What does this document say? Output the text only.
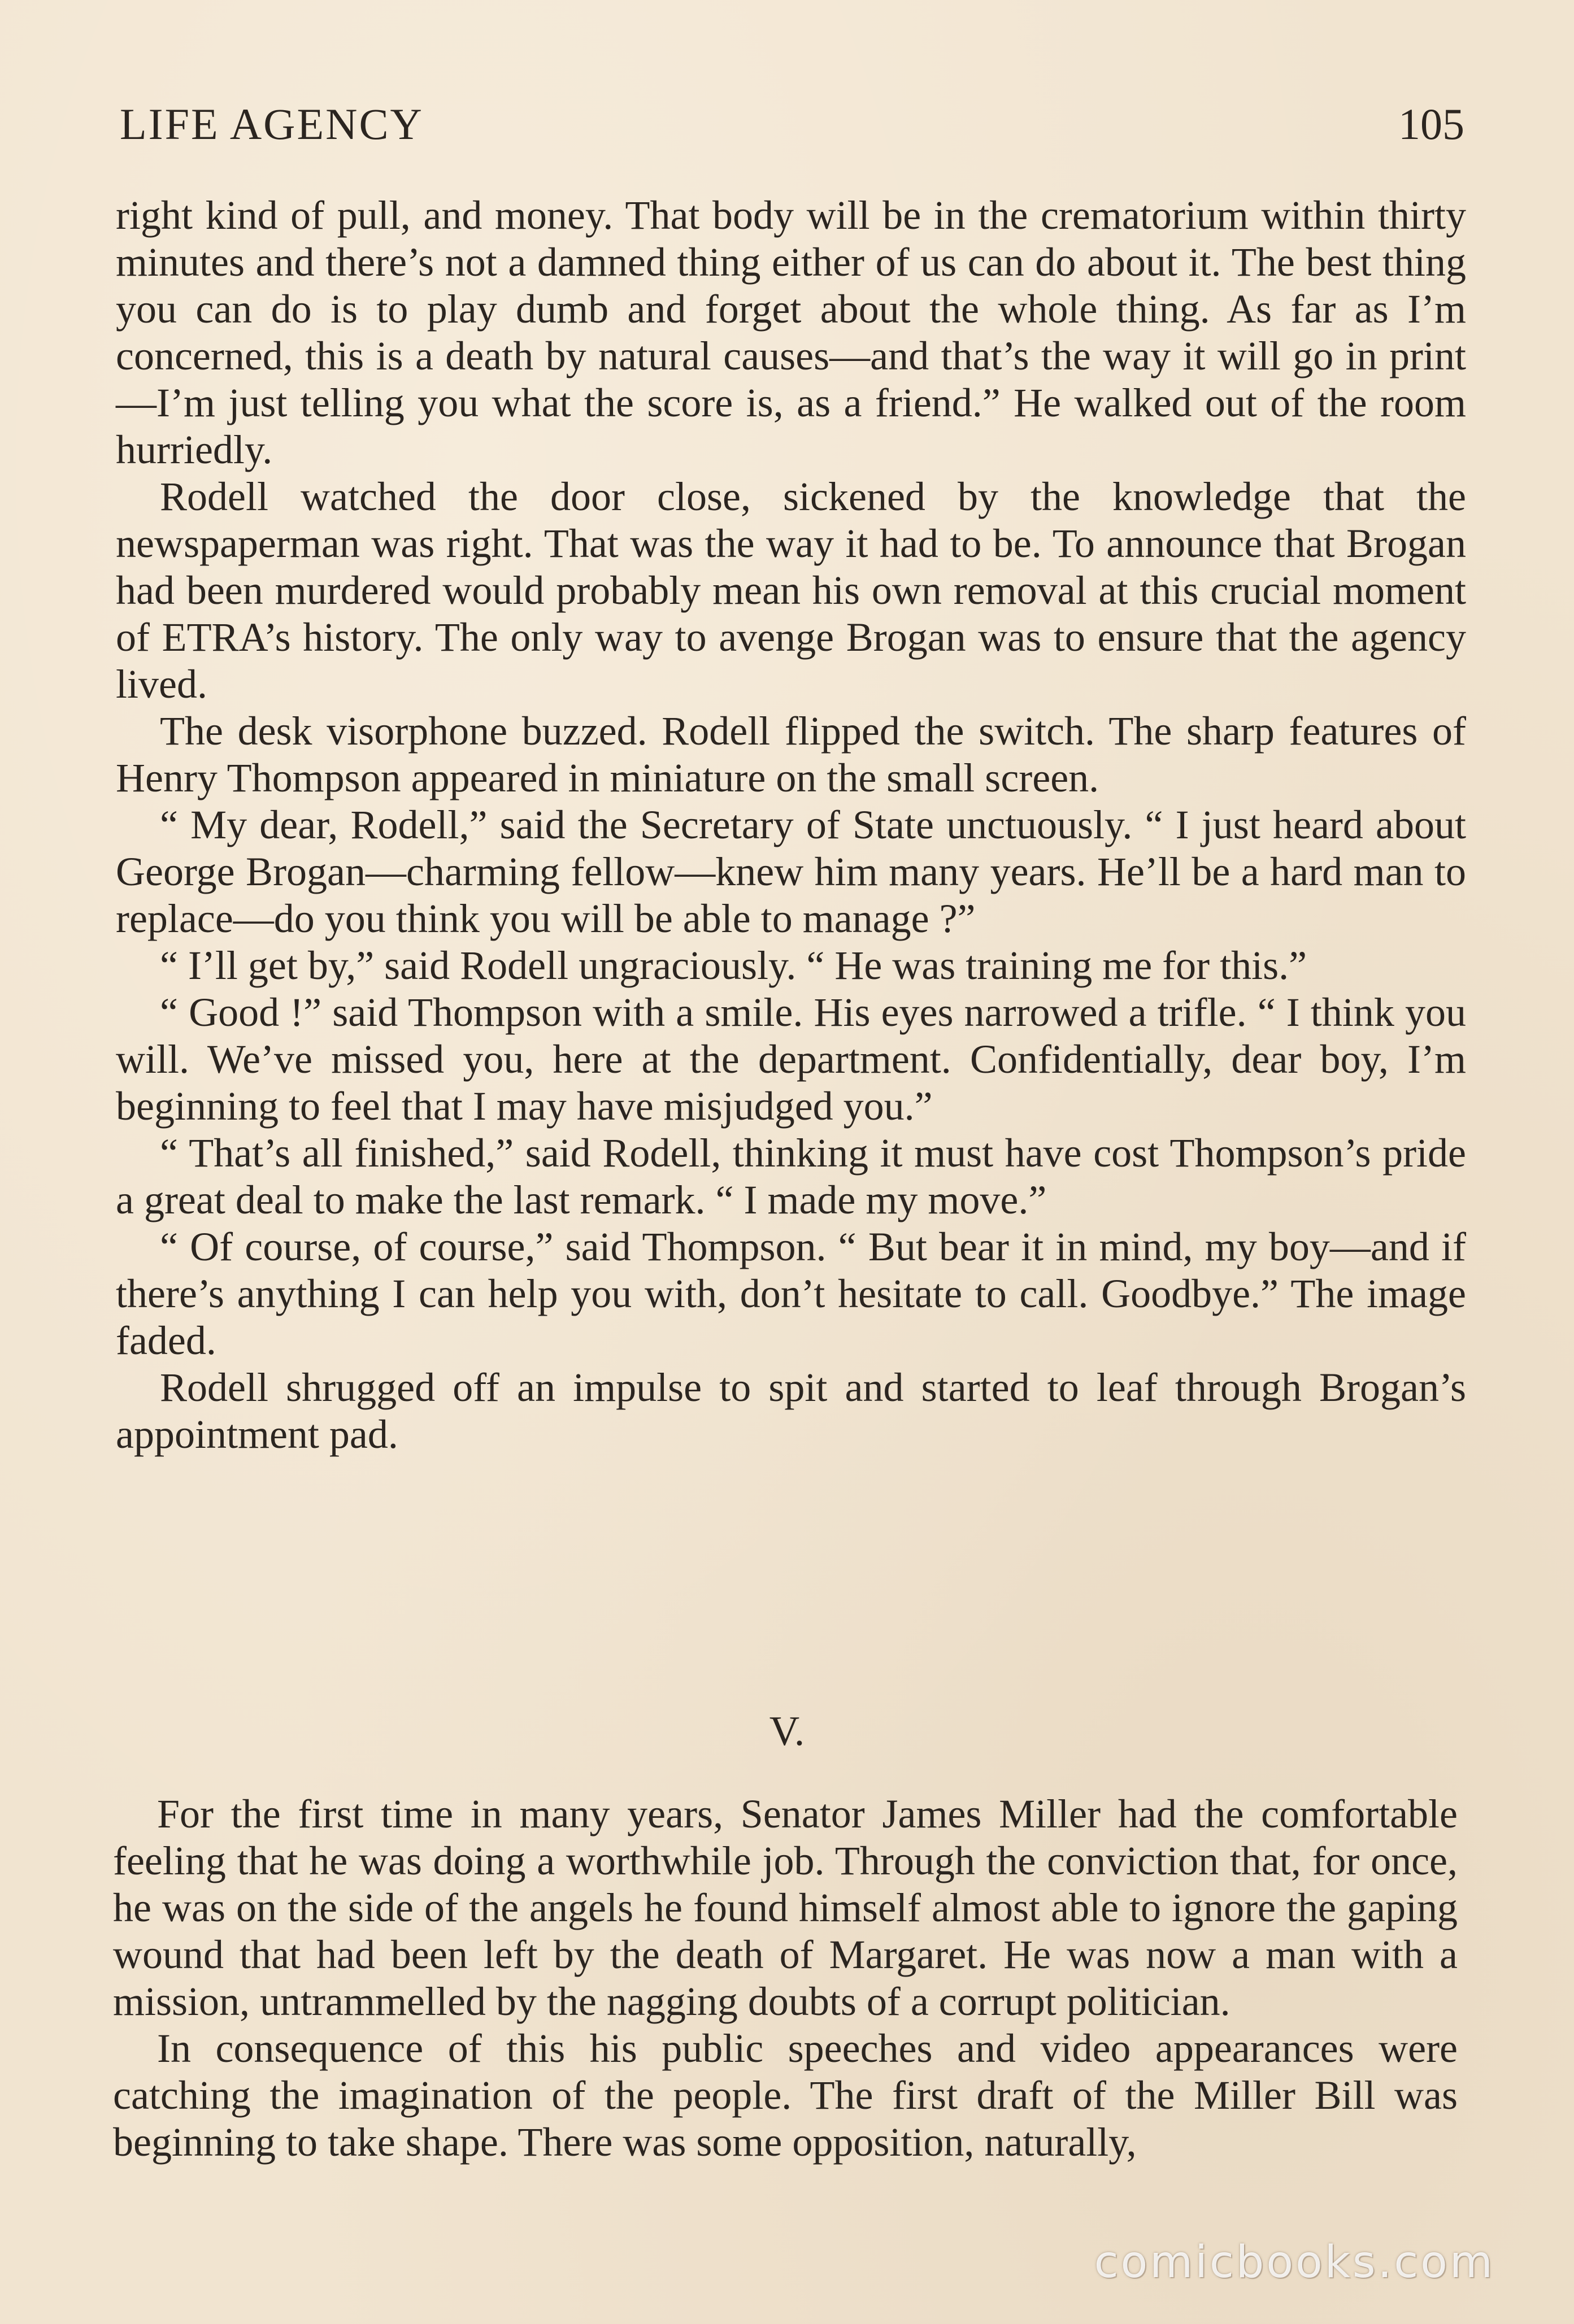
LIFE AGENCY	105

right kind of pull, and money. That body will be in the crematorium within thirty minutes and there’s not a damned thing either of us can do about it. The best thing you can do is to play dumb and forget about the whole thing. As far as I’m concerned, this is a death by natural causes—and that’s the way it will go in print—I’m just telling you what the score is, as a friend.” He walked out of the room hurriedly.

Rodell watched the door close, sickened by the knowledge that the newspaperman was right. That was the way it had to be. To announce that Brogan had been murdered would probably mean his own removal at this crucial moment of ETRA’s history. The only way to avenge Brogan was to ensure that the agency lived.

The desk visorphone buzzed. Rodell flipped the switch. The sharp features of Henry Thompson appeared in miniature on the small screen.

“ My dear, Rodell,” said the Secretary of State unctuously. “ I just heard about George Brogan—charming fellow—knew him many years. He’ll be a hard man to replace—do you think you will be able to manage ?”

“ I’ll get by,” said Rodell ungraciously. “ He was training me for this.”

“ Good !” said Thompson with a smile. His eyes narrowed a trifle. “ I think you will. We’ve missed you, here at the department. Confidentially, dear boy, I’m beginning to feel that I may have misjudged you.”

“ That’s all finished,” said Rodell, thinking it must have cost Thompson’s pride a great deal to make the last remark. “ I made my move.”

“ Of course, of course,” said Thompson. “ But bear it in mind, my boy—and if there’s anything I can help you with, don’t hesitate to call. Goodbye.” The image faded.

Rodell shrugged off an impulse to spit and started to leaf through Brogan’s appointment pad.

V.

For the first time in many years, Senator James Miller had the comfortable feeling that he was doing a worthwhile job. Through the conviction that, for once, he was on the side of the angels he found himself almost able to ignore the gaping wound that had been left by the death of Margaret. He was now a man with a mission, untrammelled by the nagging doubts of a corrupt politician.

In consequence of this his public speeches and video appearances were catching the imagination of the people. The first draft of the Miller Bill was beginning to take shape. There was some opposition, naturally,

comicbooks.com
